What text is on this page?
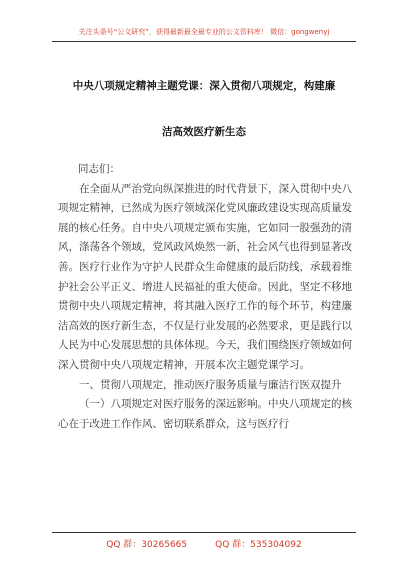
关注头条号“公文研究”，获得最新最全最专业的公文资料库！ 微信：gongwenyj
中央八项规定精神主题党课：深入贯彻八项规定，构建廉
洁高效医疗新生态

同志们：

在全面从严治党向纵深推进的时代背景下，深入贯彻中央八项规定精神，已然成为医疗领域深化党风廉政建设实现高质量发展的核心任务。自中央八项规定颁布实施，它如同一股强劲的清风，涤荡各个领域，党风政风焕然一新，社会风气也得到显著改善。医疗行业作为守护人民群众生命健康的最后防线，承载着维护社会公平正义、增进人民福祉的重大使命。因此，坚定不移地贯彻中央八项规定精神，将其融入医疗工作的每个环节，构建廉洁高效的医疗新生态，不仅是行业发展的必然要求，更是践行以人民为中心发展思想的具体体现。今天，我们围绕医疗领域如何深入贯彻中央八项规定精神，开展本次主题党课学习。

一、贯彻八项规定，推动医疗服务质量与廉洁行医双提升

（一）八项规定对医疗服务的深远影响。中央八项规定的核心在于改进工作作风、密切联系群众，这与医疗行

QQ 群：30265665	QQ 群：535304092
